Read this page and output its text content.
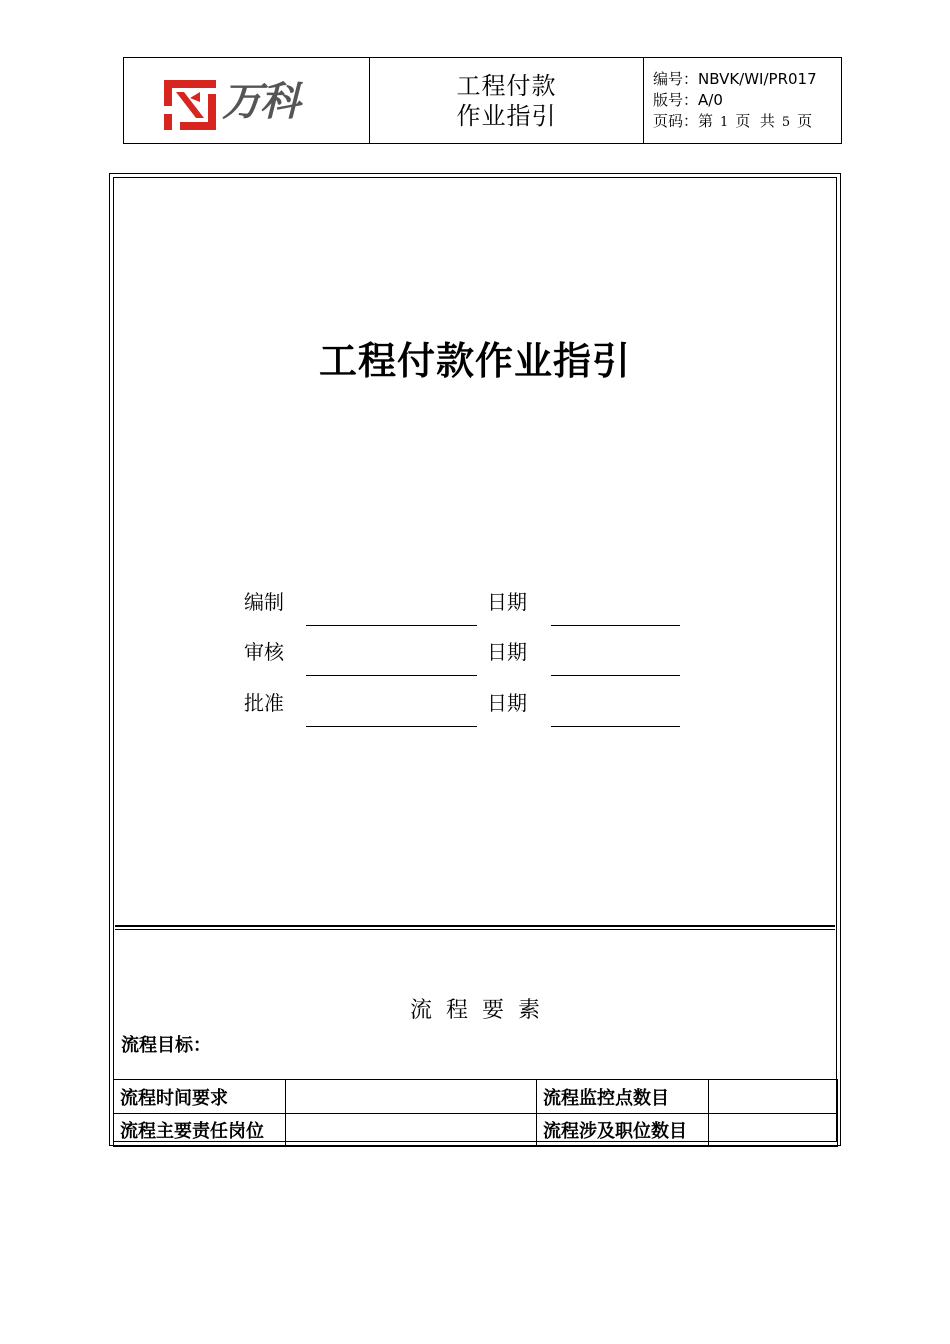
万科	工程付款
作业指引
编号：NBVK/WI/PR017
版号：A/0
页码：第 1 页 共 5 页
工程付款作业指引
编制	日期
审核	日期
批准	日期
流程要素
流程目标：
流程时间要求		流程监控点数目	
流程主要责任岗位		流程涉及职位数目	
